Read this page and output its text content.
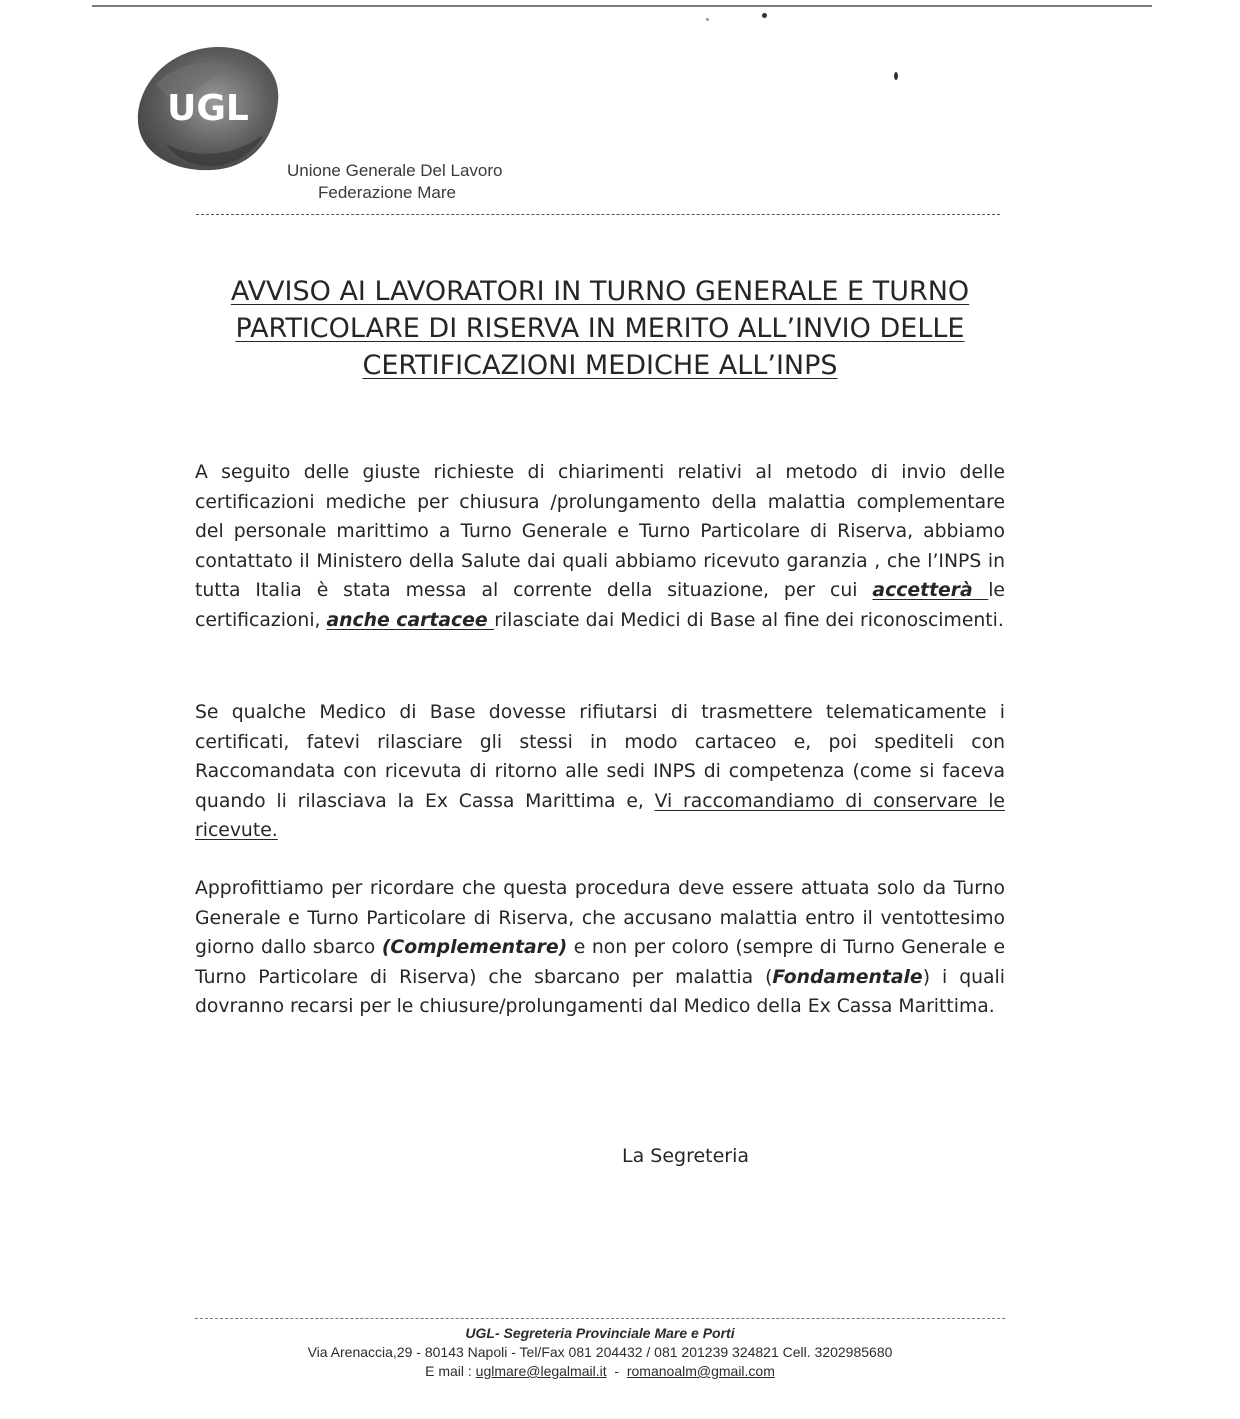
UGL
Unione Generale Del Lavoro
Federazione Mare
AVVISO AI LAVORATORI IN TURNO GENERALE E TURNO
PARTICOLARE DI RISERVA IN MERITO ALL’INVIO DELLE
CERTIFICAZIONI MEDICHE ALL’INPS

A seguito delle giuste richieste di chiarimenti relativi al metodo di invio delle certificazioni mediche per chiusura /prolungamento della malattia complementare del personale marittimo a Turno Generale e Turno Particolare di Riserva, abbiamo contattato il Ministero della Salute dai quali abbiamo ricevuto garanzia , che l’INPS in tutta Italia è stata messa al corrente della situazione, per cui accetterà le certificazioni, anche cartacee rilasciate dai Medici di Base al fine dei riconoscimenti.

Se qualche Medico di Base dovesse rifiutarsi di trasmettere telematicamente i certificati, fatevi rilasciare gli stessi in modo cartaceo e, poi spediteli con Raccomandata con ricevuta di ritorno alle sedi INPS di competenza (come si faceva quando li rilasciava la Ex Cassa Marittima e, Vi raccomandiamo di conservare le ricevute.

Approfittiamo per ricordare che questa procedura deve essere attuata solo da Turno Generale e Turno Particolare di Riserva, che accusano malattia entro il ventottesimo giorno dallo sbarco (Complementare) e non per coloro (sempre di Turno Generale e Turno Particolare di Riserva) che sbarcano per malattia (Fondamentale) i quali dovranno recarsi per le chiusure/prolungamenti dal Medico della Ex Cassa Marittima.

La Segreteria
UGL- Segreteria Provinciale Mare e Porti
Via Arenaccia,29 - 80143 Napoli - Tel/Fax 081 204432 / 081 201239 324821 Cell. 3202985680
E mail : uglmare@legalmail.it  -  romanoalm@gmail.com
